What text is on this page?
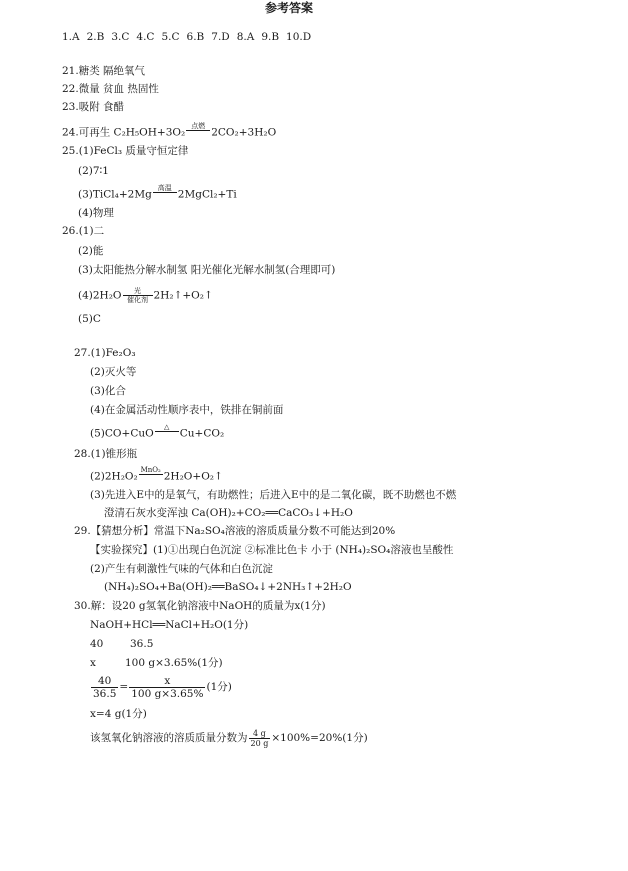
参考答案
1.A 2.B 3.C 4.C 5.C 6.B 7.D 8.A 9.B 10.D
21.糖类 隔绝氧气
22.微量 贫血 热固性
23.吸附 食醋
24.可再生 C₂H₅OH+3O₂
点燃

2CO₂+3H₂O
25.(1)FeCl₃ 质量守恒定律
(2)7∶1
(3)TiCl₄+2Mg
高温

2MgCl₂+Ti
(4)物理
26.(1)二
(2)能
(3)太阳能热分解水制氢 阳光催化光解水制氢(合理即可)
(4)2H₂O	光
催化剂 2H₂↑+O₂↑
(5)C
27.(1)Fe₂O₃
(2)灭火等
(3)化合
(4)在金属活动性顺序表中，铁排在铜前面
(5)CO+CuO
△

Cu+CO₂
28.(1)锥形瓶
(2)2H₂O₂
MnO₂

2H₂O+O₂↑
(3)先进入E中的是氧气，有助燃性；后进入E中的是二氧化碳，既不助燃也不燃
澄清石灰水变浑浊 Ca(OH)₂+CO₂══CaCO₃↓+H₂O
29.【猜想分析】常温下Na₂SO₄溶液的溶质质量分数不可能达到20%
【实验探究】(1)①出现白色沉淀 ②标准比色卡 小于 (NH₄)₂SO₄溶液也呈酸性
(2)产生有刺激性气味的气体和白色沉淀
(NH₄)₂SO₄+Ba(OH)₂══BaSO₄↓+2NH₃↑+2H₂O
30.解：设20 g氢氧化钠溶液中NaOH的质量为x(1分)
NaOH+HCl══NaCl+H₂O(1分)
40	36.5
x	100 g×3.65%(1分)
$\frac{40}{36.5} = \frac{x}{100 g\times 3.65\%} (1$分)
x=4 g(1分)
该氢氧化钠溶液的溶质质量分数为 $\frac{4 g}{20 g} \times 100\%=20\%(1$分)
